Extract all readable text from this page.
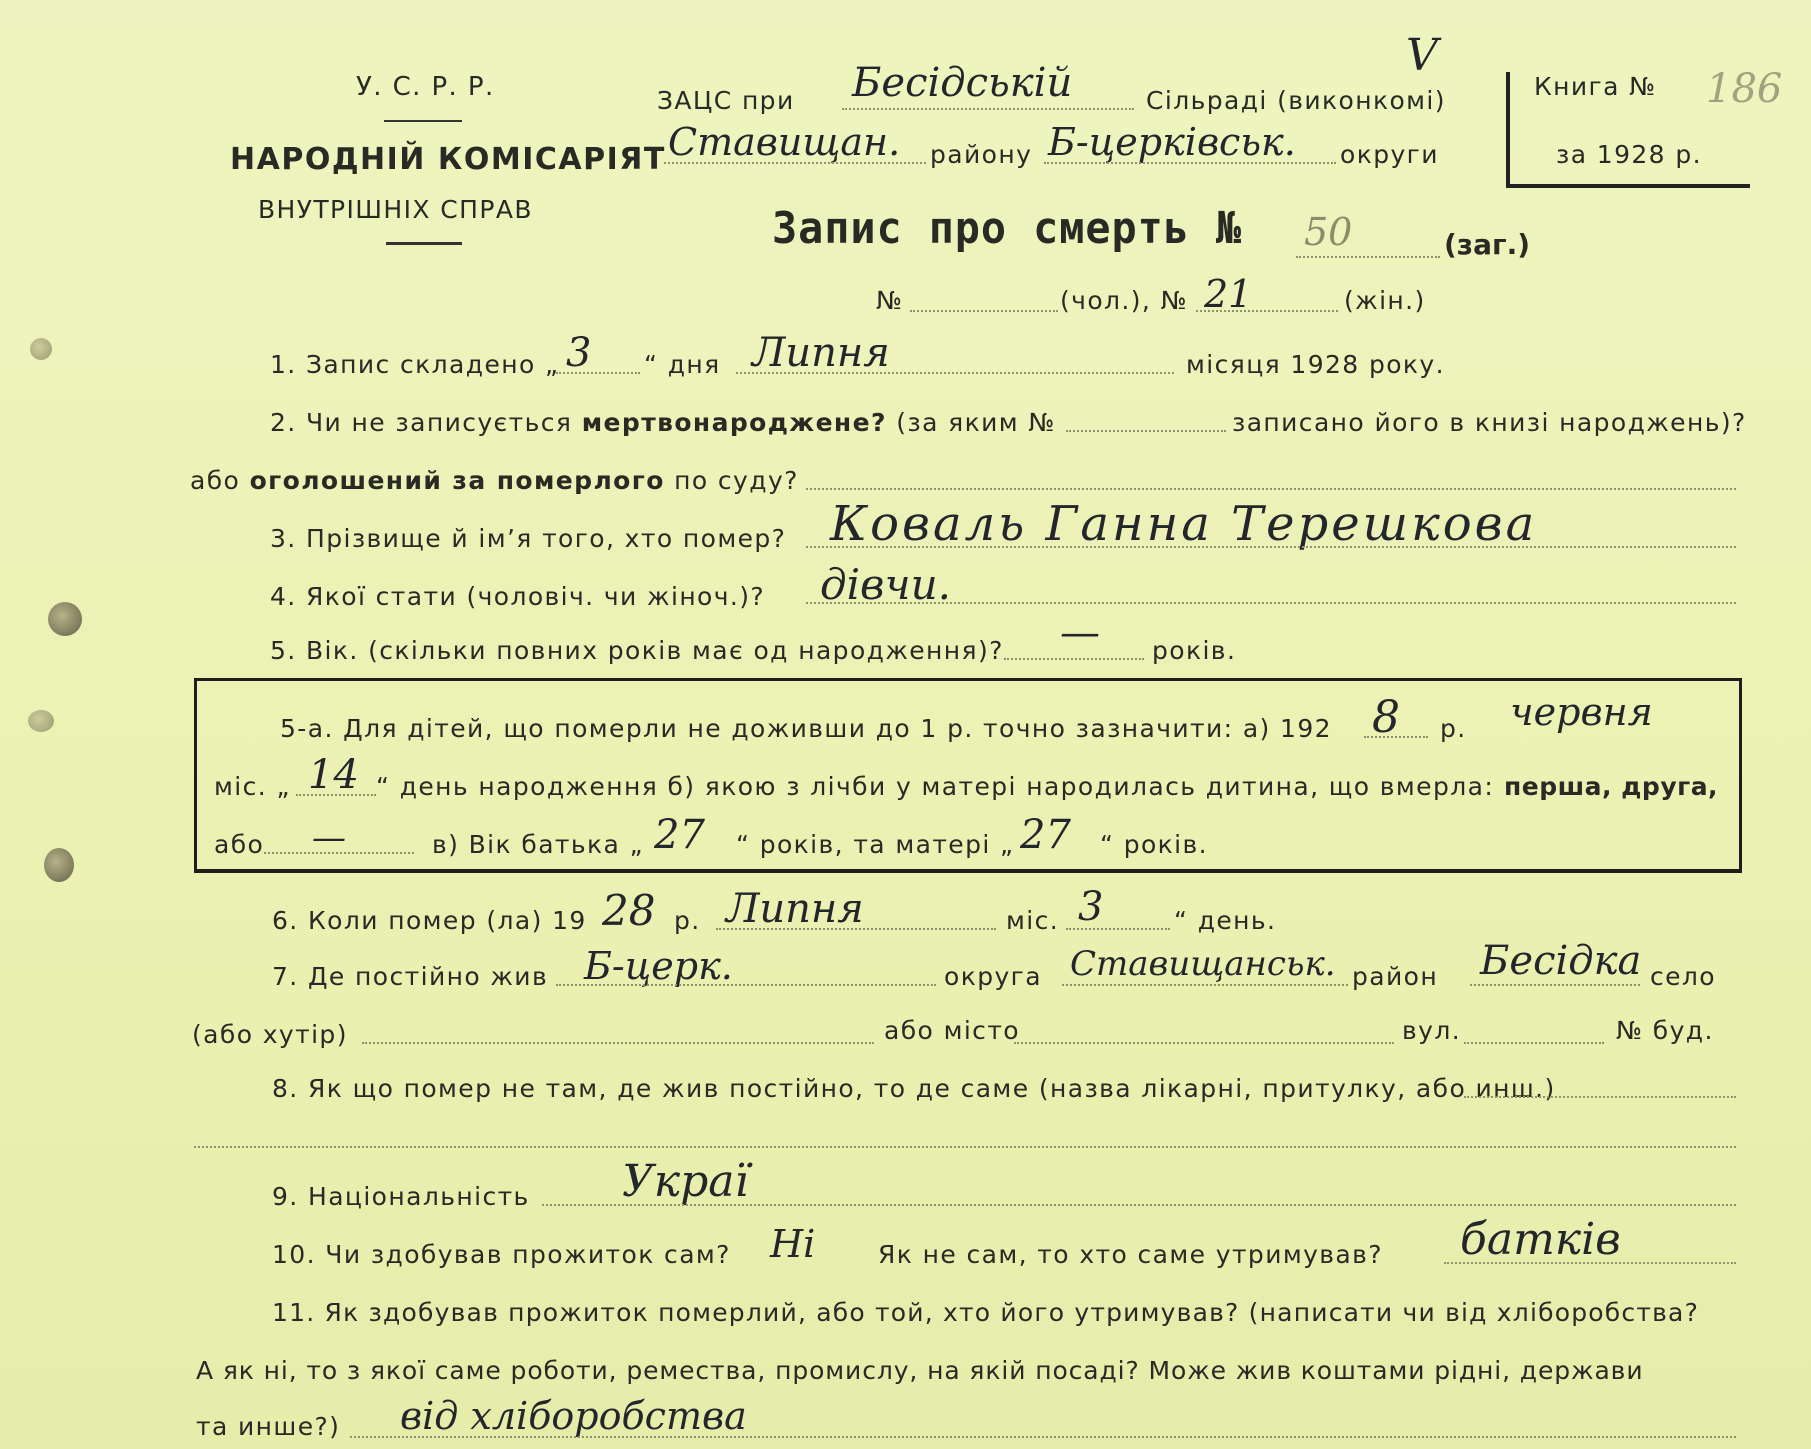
У. С. Р. Р.
НАРОДНІЙ КОМІСАРІЯТ
ВНУТРІШНІХ СПРАВ
ЗАЦС при Бесідській
V
Сільраді (виконкомі)
Ставищан. району Б-церківськ. округи
Книга № 186
за 1928 р.
Запис про смерть № 50	(заг.)
№	(чол.), № 21	(жін.)
1. Запис складено „ 3 “ дня Липня	місяця 1928 року.
2. Чи не записується мертвонароджене? (за яким №	записано його в книзі народжень)?
або оголошений за померлого по суду?
3. Прізвище й ім’я того, хто помер? Коваль Ганна Терешкова
4. Якої стати (чоловіч. чи жіноч.)? дівчи.
5. Вік. (скільки повних років має од народження)? — років.
5-а. Для дітей, що померли не доживши до 1 р. точно зазначити: а) 192 8 р. червня
міс. „ 14 “ день народження б) якою з лічби у матері народилась дитина, що вмерла: перша, друга,
або —	в) Вік батька „ 27 “ років, та матері „ 27 “ років.
6. Коли помер (ла) 19 28 р. Липня	міс. 3	“ день.
7. Де постійно жив Б-церк.	округа Ставищанськ. район Бесідка село
(або хутір)	або місто	вул.	№ буд.
8. Як що помер не там, де жив постійно, то де саме (назва лікарні, притулку, або инш.)
9. Національність Украї
10. Чи здобував прожиток сам? Ні	Як не сам, то хто саме утримував? батків
11. Як здобував прожиток померлий, або той, хто його утримував? (написати чи від хліборобства?
А як ні, то з якої саме роботи, ремества, промислу, на якій посаді? Може жив коштами рідні, держави
та инше?) від хліборобства
